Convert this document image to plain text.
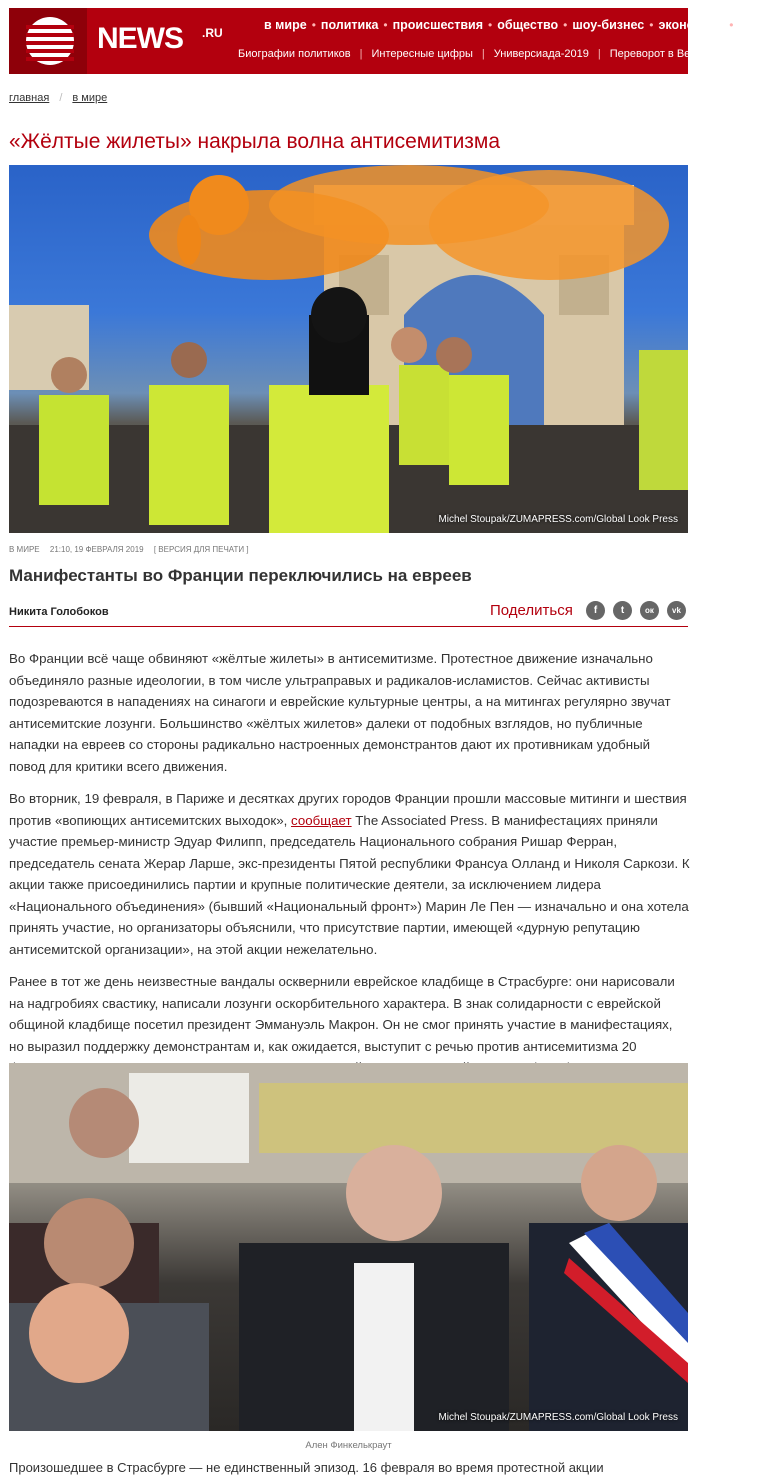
NEWS .RU
в мире • политика • происшествия • общество • шоу-бизнес • экономика • спорт
Биографии политиков | Интересные цифры | Универсиада-2019 | Переворот в Венесуэле
главная / в мире
«Жёлтые жилеты» накрыла волна антисемитизма
Michel Stoupak/ZUMAPRESS.com/Global Look Press
В МИРЕ 21:10, 19 ФЕВРАЛЯ 2019 [ ВЕРСИЯ ДЛЯ ПЕЧАТИ ]
Манифестанты во Франции переключились на евреев
Никита Голобоков	Поделиться	f	t	ок	vk

Во Франции всё чаще обвиняют «жёлтые жилеты» в антисемитизме. Протестное движение изначально объединяло разные идеологии, в том числе ультраправых и радикалов-исламистов. Сейчас активисты подозреваются в нападениях на синагоги и еврейские культурные центры, а на митингах регулярно звучат антисемитские лозунги. Большинство «жёлтых жилетов» далеки от подобных взглядов, но публичные нападки на евреев со стороны радикально настроенных демонстрантов дают их противникам удобный повод для критики всего движения.

Во вторник, 19 февраля, в Париже и десятках других городов Франции прошли массовые митинги и шествия против «вопиющих антисемитских выходок», сообщает The Associated Press. В манифестациях приняли участие премьер-министр Эдуар Филипп, председатель Национального собрания Ришар Ферран, председатель сената Жерар Ларше, экс-президенты Пятой республики Франсуа Олланд и Николя Саркози. К акции также присоединились партии и крупные политические деятели, за исключением лидера «Национального объединения» (бывший «Национальный фронт») Марин Ле Пен — изначально и она хотела принять участие, но организаторы объяснили, что присутствие партии, имеющей «дурную репутацию антисемитской организации», на этой акции нежелательно.

Ранее в тот же день неизвестные вандалы осквернили еврейское кладбище в Страсбурге: они нарисовали на надгробиях свастику, написали лозунги оскорбительного характера. В знак солидарности с еврейской общиной кладбище посетил президент Эммануэль Макрон. Он не смог принять участие в манифестациях, но выразил поддержку демонстрантам и, как ожидается, выступит с речью против антисемитизма 20

Michel Stoupak/ZUMAPRESS.com/Global Look Press
Ален Финкелькраут
Произошедшее в Страсбурге — не единственный эпизод. 16 февраля во время протестной акции
